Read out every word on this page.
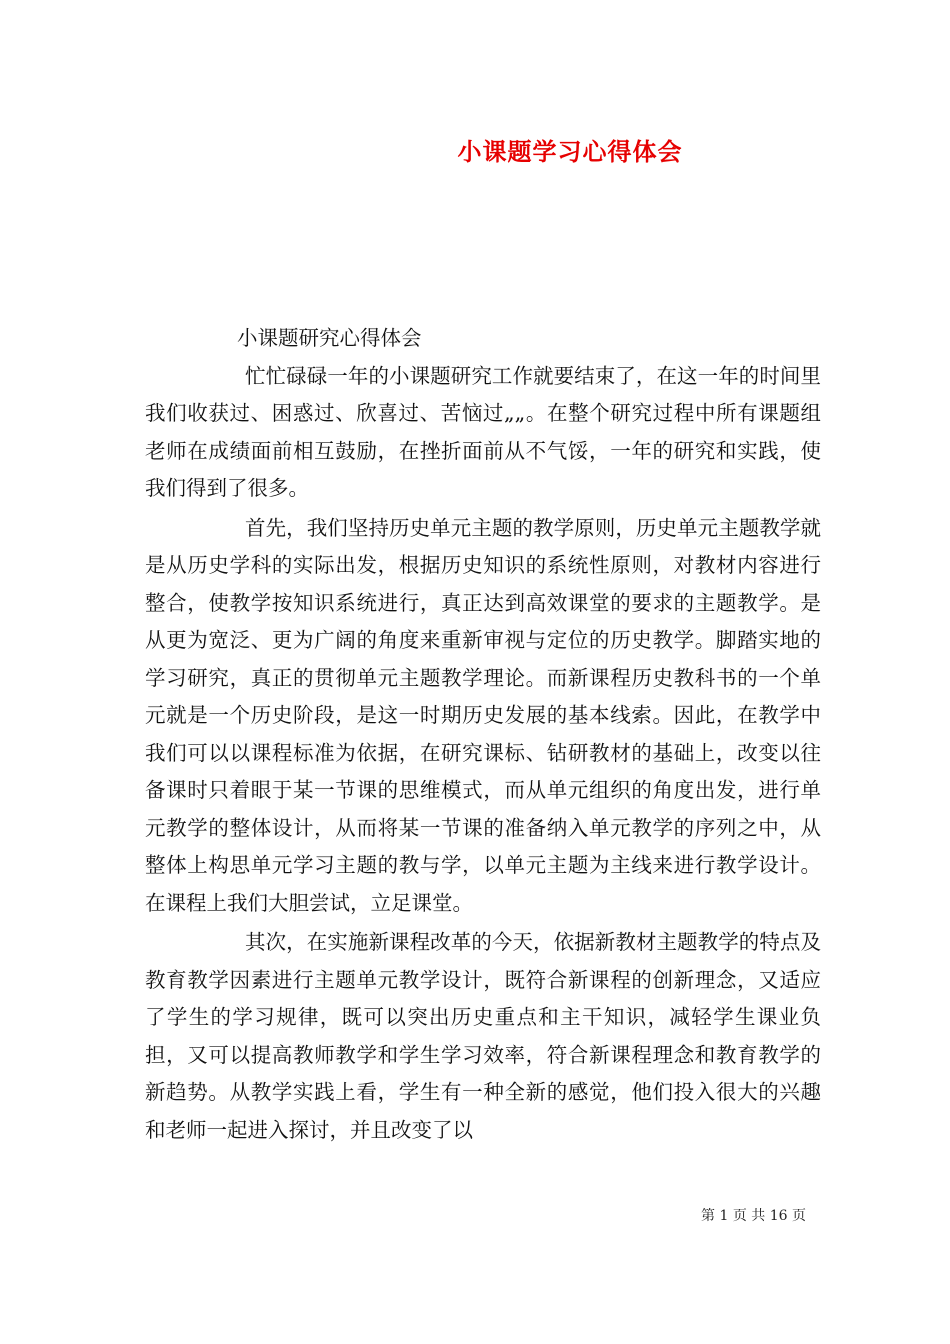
小课题学习心得体会

小课题研究心得体会

忙忙碌碌一年的小课题研究工作就要结束了，在这一年的时间里我们收获过、困惑过、欣喜过、苦恼过„„。在整个研究过程中所有课题组老师在成绩面前相互鼓励，在挫折面前从不气馁，一年的研究和实践，使我们得到了很多。

首先，我们坚持历史单元主题的教学原则，历史单元主题教学就是从历史学科的实际出发，根据历史知识的系统性原则，对教材内容进行整合，使教学按知识系统进行，真正达到高效课堂的要求的主题教学。是从更为宽泛、更为广阔的角度来重新审视与定位的历史教学。脚踏实地的学习研究，真正的贯彻单元主题教学理论。而新课程历史教科书的一个单元就是一个历史阶段，是这一时期历史发展的基本线索。因此，在教学中我们可以以课程标准为依据，在研究课标、钻研教材的基础上，改变以往备课时只着眼于某一节课的思维模式，而从单元组织的角度出发，进行单元教学的整体设计，从而将某一节课的准备纳入单元教学的序列之中，从整体上构思单元学习主题的教与学，以单元主题为主线来进行教学设计。在课程上我们大胆尝试，立足课堂。

其次，在实施新课程改革的今天，依据新教材主题教学的特点及教育教学因素进行主题单元教学设计，既符合新课程的创新理念，又适应了学生的学习规律，既可以突出历史重点和主干知识，减轻学生课业负担，又可以提高教师教学和学生学习效率，符合新课程理念和教育教学的新趋势。从教学实践上看，学生有一种全新的感觉，他们投入很大的兴趣和老师一起进入探讨，并且改变了以

第 1 页 共 16 页
